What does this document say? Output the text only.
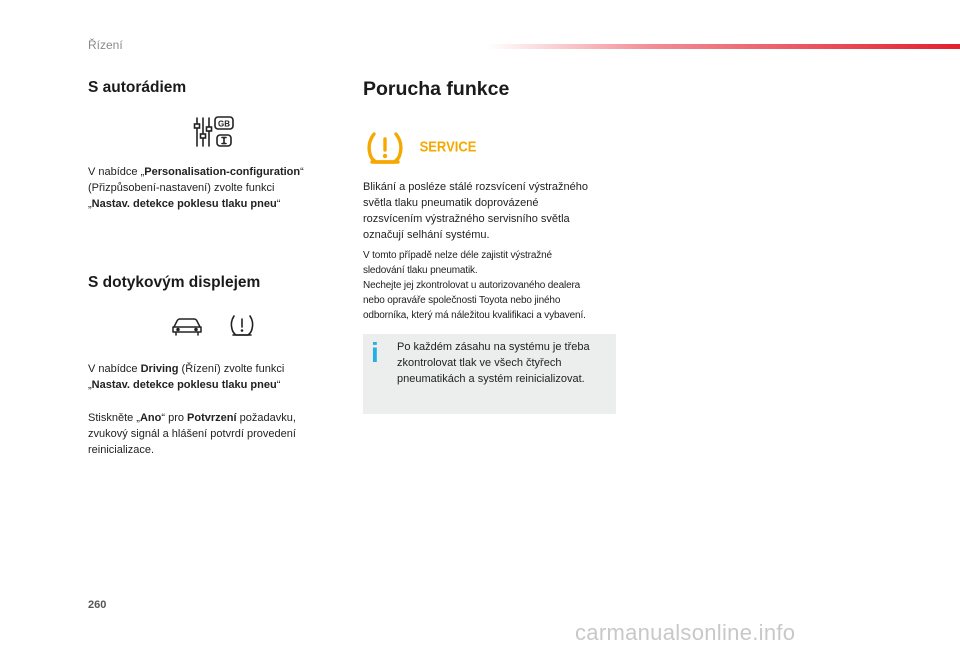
Řízení
S autorádiem
GB
V nabídce „Personalisation-configuration“
(Přizpůsobení-nastavení) zvolte funkci
„Nastav. detekce poklesu tlaku pneu“
S dotykovým displejem
V nabídce Driving (Řízení) zvolte funkci
„Nastav. detekce poklesu tlaku pneu“
Stiskněte „Ano“ pro Potvrzení požadavku,
zvukový signál a hlášení potvrdí provedení
reinicializace.
Porucha funkce
SERVICE
Blikání a posléze stálé rozsvícení výstražného
světla tlaku pneumatik doprovázené
rozsvícením výstražného servisního světla
označují selhání systému.
V tomto případě nelze déle zajistit výstražné
sledování tlaku pneumatik.
Nechejte jej zkontrolovat u autorizovaného dealera
nebo opraváře společnosti Toyota nebo jiného
odborníka, který má náležitou kvalifikaci a vybavení.
i	Po každém zásahu na systému je třeba
zkontrolovat tlak ve všech čtyřech
pneumatikách a systém reinicializovat.
260
carmanualsonline.info
